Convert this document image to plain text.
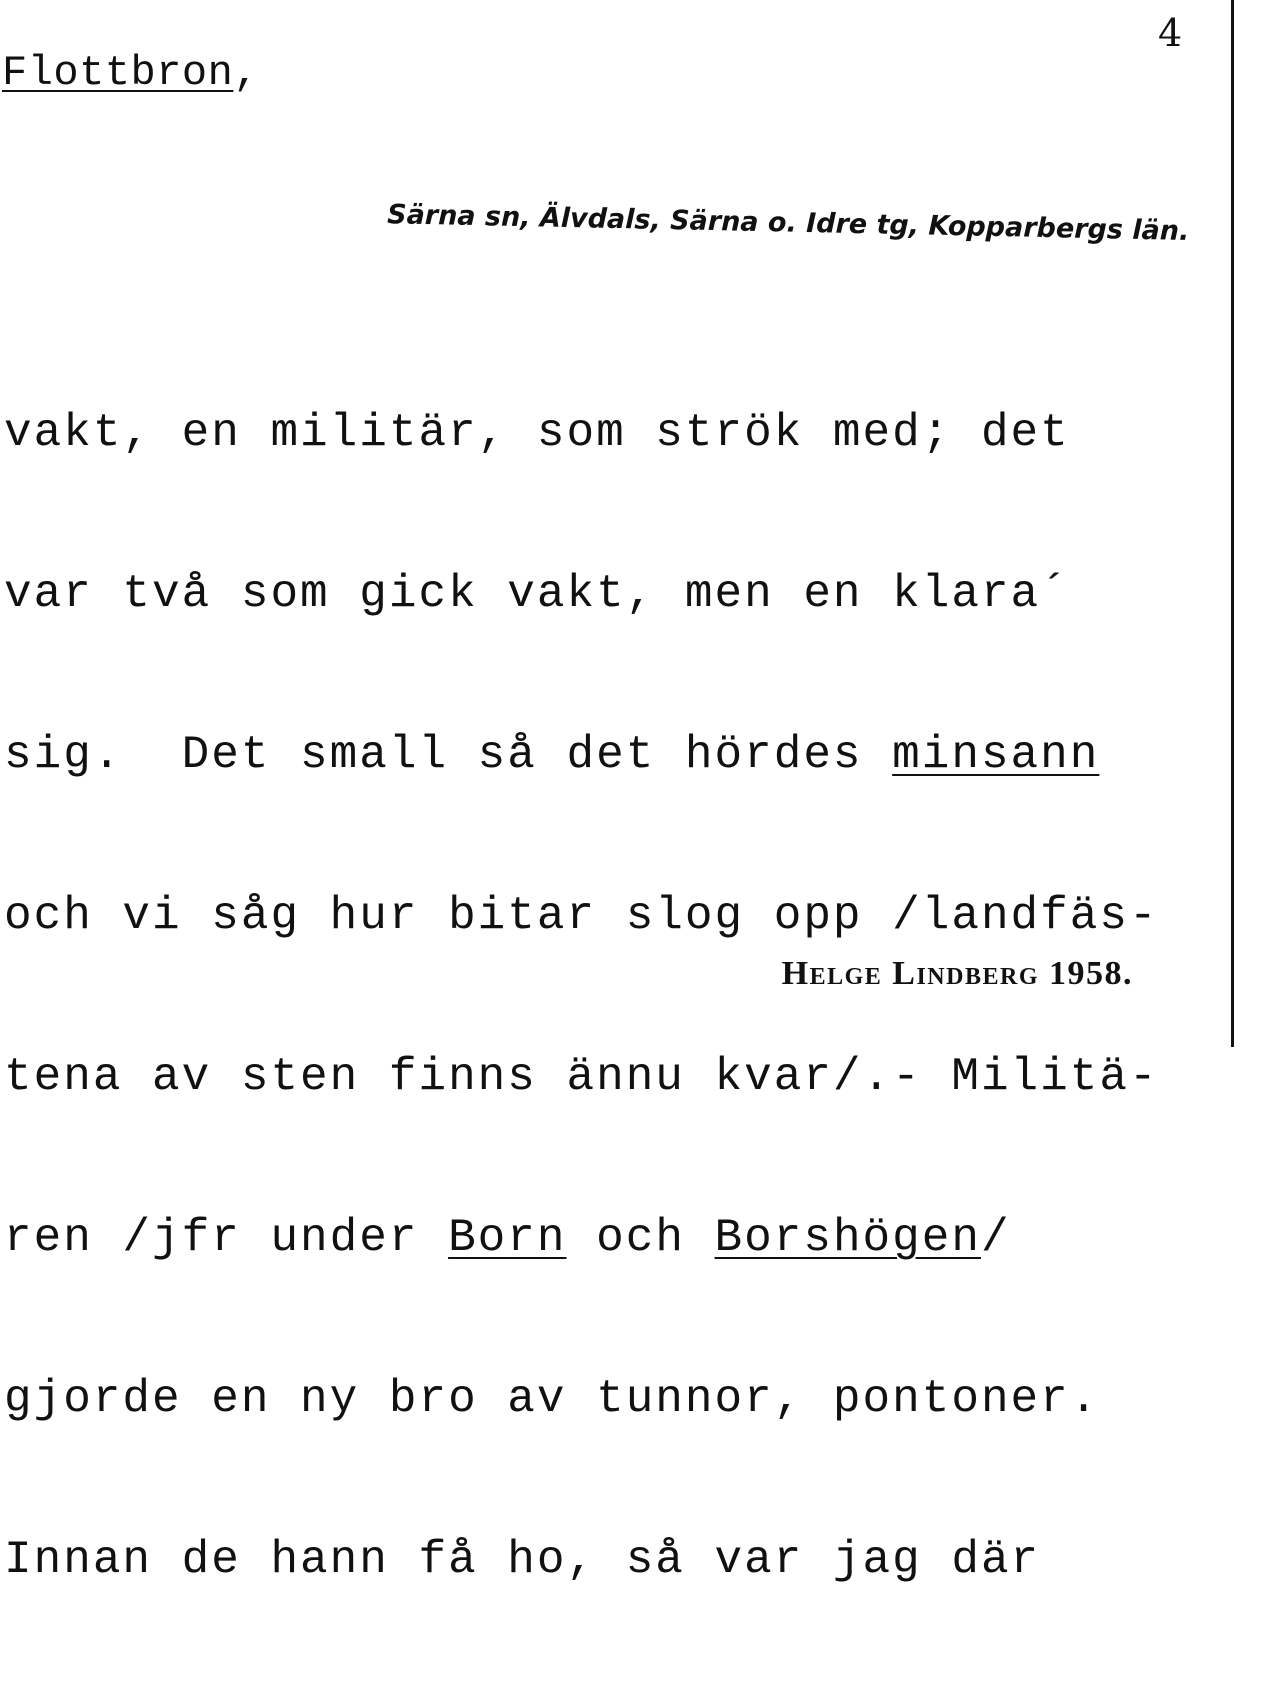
4
Flottbron,
Särna sn, Älvdals, Särna o. Idre tg, Kopparbergs län.

vakt, en militär, som strök med; det

var två som gick vakt, men en klara´

sig.  Det small så det hördes minsann

och vi såg hur bitar slog opp /landfäs-

tena av sten finns ännu kvar/.- Militä-

ren /jfr under Born och Borshögen/

gjorde en ny bro av tunnor, pontoner.

Innan de hann få ho, så var jag där

Helge Lindberg 1958.
